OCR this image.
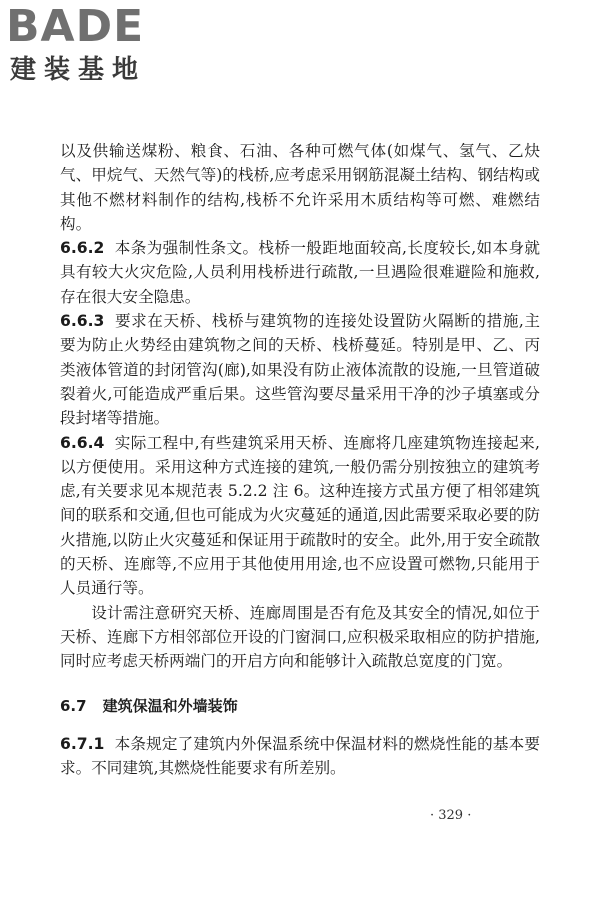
BADE
建装基地

以及供输送煤粉、粮食、石油、各种可燃气体(如煤气、氢气、乙炔气、甲烷气、天然气等)的栈桥,应考虑采用钢筋混凝土结构、钢结构或其他不燃材料制作的结构,栈桥不允许采用木质结构等可燃、难燃结构。

6.6.2 本条为强制性条文。栈桥一般距地面较高,长度较长,如本身就具有较大火灾危险,人员利用栈桥进行疏散,一旦遇险很难避险和施救,存在很大安全隐患。

6.6.3 要求在天桥、栈桥与建筑物的连接处设置防火隔断的措施,主要为防止火势经由建筑物之间的天桥、栈桥蔓延。特别是甲、乙、丙类液体管道的封闭管沟(廊),如果没有防止液体流散的设施,一旦管道破裂着火,可能造成严重后果。这些管沟要尽量采用干净的沙子填塞或分段封堵等措施。

6.6.4 实际工程中,有些建筑采用天桥、连廊将几座建筑物连接起来,以方便使用。采用这种方式连接的建筑,一般仍需分别按独立的建筑考虑,有关要求见本规范表 5.2.2 注 6。这种连接方式虽方便了相邻建筑间的联系和交通,但也可能成为火灾蔓延的通道,因此需要采取必要的防火措施,以防止火灾蔓延和保证用于疏散时的安全。此外,用于安全疏散的天桥、连廊等,不应用于其他使用用途,也不应设置可燃物,只能用于人员通行等。

设计需注意研究天桥、连廊周围是否有危及其安全的情况,如位于天桥、连廊下方相邻部位开设的门窗洞口,应积极采取相应的防护措施,同时应考虑天桥两端门的开启方向和能够计入疏散总宽度的门宽。

6.7 建筑保温和外墙装饰

6.7.1 本条规定了建筑内外保温系统中保温材料的燃烧性能的基本要求。不同建筑,其燃烧性能要求有所差别。

· 329 ·
